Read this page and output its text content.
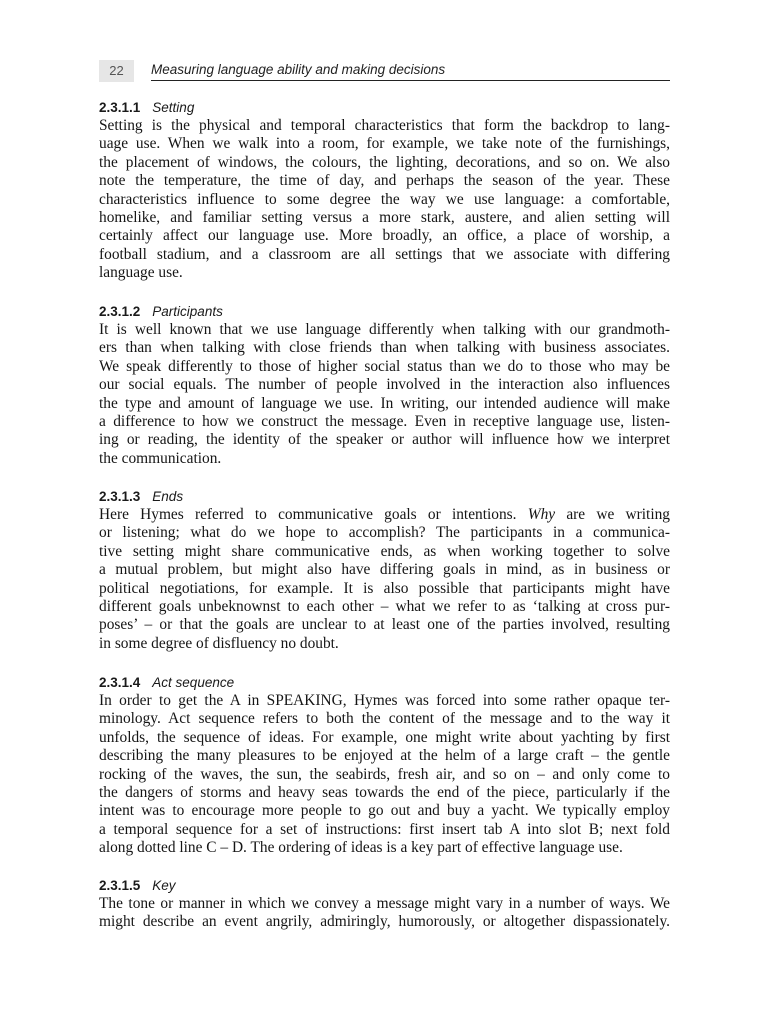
22	Measuring language ability and making decisions
2.3.1.1 Setting
Setting is the physical and temporal characteristics that form the backdrop to lang-
uage use. When we walk into a room, for example, we take note of the furnishings,
the placement of windows, the colours, the lighting, decorations, and so on. We also
note the temperature, the time of day, and perhaps the season of the year. These
characteristics influence to some degree the way we use language: a comfortable,
homelike, and familiar setting versus a more stark, austere, and alien setting will
certainly affect our language use. More broadly, an office, a place of worship, a
football stadium, and a classroom are all settings that we associate with differing
language use.
2.3.1.2 Participants
It is well known that we use language differently when talking with our grandmoth-
ers than when talking with close friends than when talking with business associates.
We speak differently to those of higher social status than we do to those who may be
our social equals. The number of people involved in the interaction also influences
the type and amount of language we use. In writing, our intended audience will make
a difference to how we construct the message. Even in receptive language use, listen-
ing or reading, the identity of the speaker or author will influence how we interpret
the communication.
2.3.1.3 Ends
Here Hymes referred to communicative goals or intentions. Why are we writing
or listening; what do we hope to accomplish? The participants in a communica-
tive setting might share communicative ends, as when working together to solve
a mutual problem, but might also have differing goals in mind, as in business or
political negotiations, for example. It is also possible that participants might have
different goals unbeknownst to each other – what we refer to as ‘talking at cross pur-
poses’ – or that the goals are unclear to at least one of the parties involved, resulting
in some degree of disfluency no doubt.
2.3.1.4 Act sequence
In order to get the A in SPEAKING, Hymes was forced into some rather opaque ter-
minology. Act sequence refers to both the content of the message and to the way it
unfolds, the sequence of ideas. For example, one might write about yachting by first
describing the many pleasures to be enjoyed at the helm of a large craft – the gentle
rocking of the waves, the sun, the seabirds, fresh air, and so on – and only come to
the dangers of storms and heavy seas towards the end of the piece, particularly if the
intent was to encourage more people to go out and buy a yacht. We typically employ
a temporal sequence for a set of instructions: first insert tab A into slot B; next fold
along dotted line C – D. The ordering of ideas is a key part of effective language use.
2.3.1.5 Key
The tone or manner in which we convey a message might vary in a number of ways. We
might describe an event angrily, admiringly, humorously, or altogether dispassionately.
